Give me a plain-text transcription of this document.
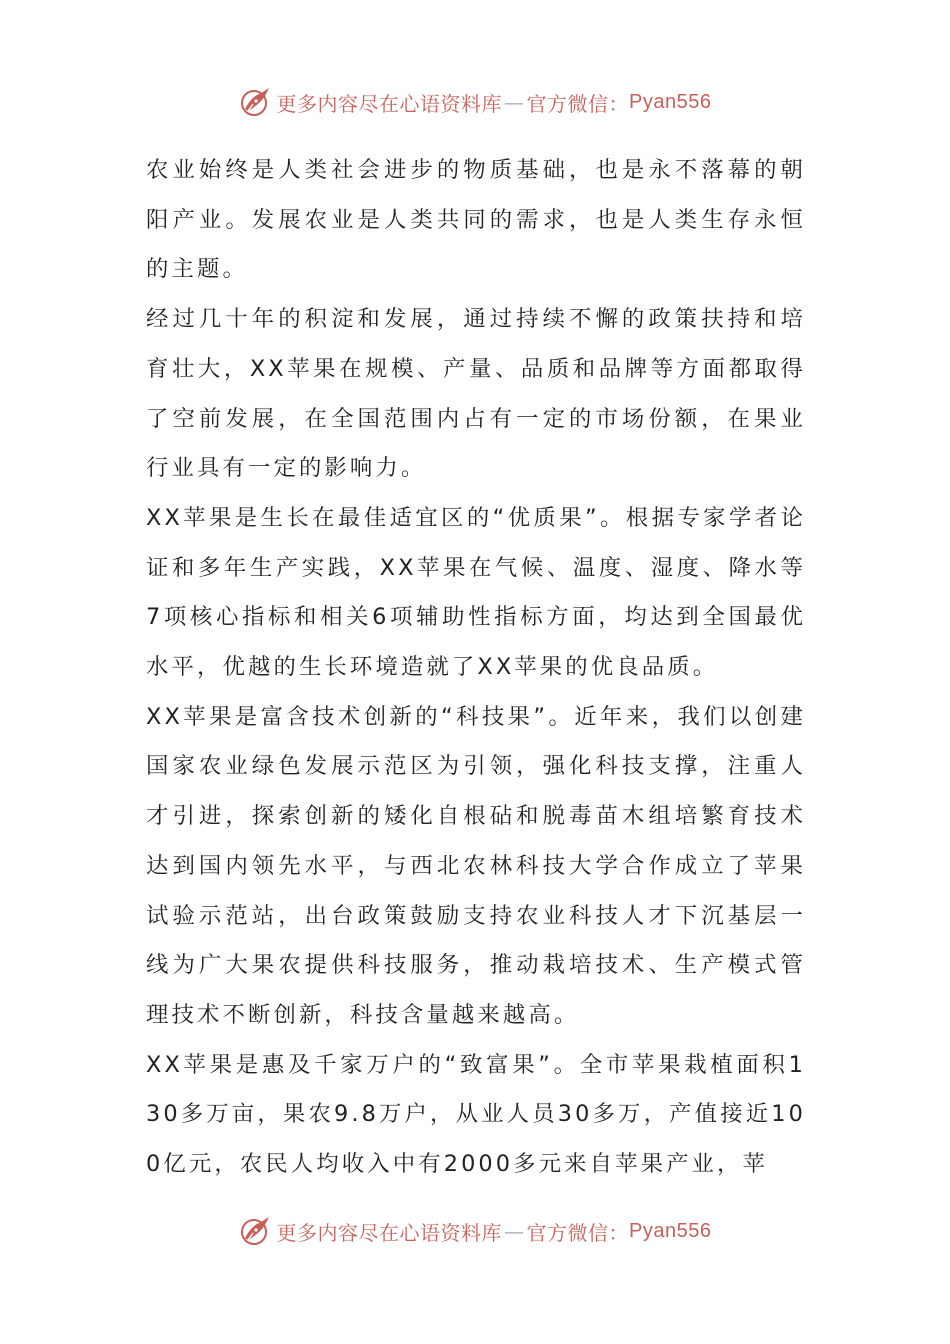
更多内容尽在心语资料库 — 官方微信： Pyan556

农业始终是人类社会进步的物质基础，也是永不落幕的朝阳产业。发展农业是人类共同的需求，也是人类生存永恒的主题。

经过几十年的积淀和发展，通过持续不懈的政策扶持和培育壮大，XX苹果在规模、产量、品质和品牌等方面都取得了空前发展，在全国范围内占有一定的市场份额，在果业行业具有一定的影响力。

XX苹果是生长在最佳适宜区的“优质果”。根据专家学者论证和多年生产实践，XX苹果在气候、温度、湿度、降水等7项核心指标和相关6项辅助性指标方面，均达到全国最优水平，优越的生长环境造就了XX苹果的优良品质。

XX苹果是富含技术创新的“科技果”。近年来，我们以创建国家农业绿色发展示范区为引领，强化科技支撑，注重人才引进，探索创新的矮化自根砧和脱毒苗木组培繁育技术达到国内领先水平，与西北农林科技大学合作成立了苹果试验示范站，出台政策鼓励支持农业科技人才下沉基层一线为广大果农提供科技服务，推动栽培技术、生产模式管理技术不断创新，科技含量越来越高。

XX苹果是惠及千家万户的“致富果”。全市苹果栽植面积130多万亩，果农9.8万户，从业人员30多万，产值接近100亿元，农民人均收入中有2000多元来自苹果产业，苹

更多内容尽在心语资料库 — 官方微信： Pyan556
